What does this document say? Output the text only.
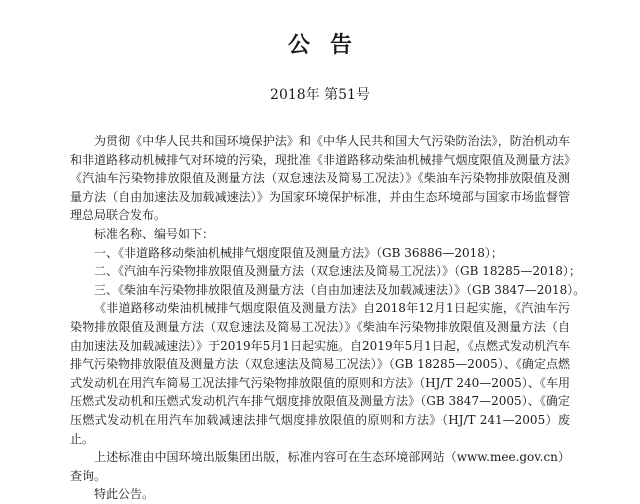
公告
2018年 第51号

为贯彻《中华人民共和国环境保护法》和《中华人民共和国大气污染防治法》，防治机动车和非道路移动机械排气对环境的污染，现批准《非道路移动柴油机械排气烟度限值及测量方法》《汽油车污染物排放限值及测量方法（双怠速法及简易工况法）》《柴油车污染物排放限值及测量方法（自由加速法及加载减速法）》为国家环境保护标准，并由生态环境部与国家市场监督管理总局联合发布。

标准名称、编号如下：

一、《非道路移动柴油机械排气烟度限值及测量方法》（GB 36886—2018）；

二、《汽油车污染物排放限值及测量方法（双怠速法及简易工况法）》（GB 18285—2018）；

三、《柴油车污染物排放限值及测量方法（自由加速法及加载减速法）》（GB 3847—2018）。

《非道路移动柴油机械排气烟度限值及测量方法》自2018年12月1日起实施，《汽油车污染物排放限值及测量方法（双怠速法及简易工况法）》《柴油车污染物排放限值及测量方法（自由加速法及加载减速法）》于2019年5月1日起实施。自2019年5月1日起，《点燃式发动机汽车排气污染物排放限值及测量方法（双怠速法及简易工况法）》（GB 18285—2005）、《确定点燃式发动机在用汽车简易工况法排气污染物排放限值的原则和方法》（HJ/T 240—2005）、《车用压燃式发动机和压燃式发动机汽车排气烟度排放限值及测量方法》（GB 3847—2005）、《确定压燃式发动机在用汽车加载减速法排气烟度排放限值的原则和方法》（HJ/T 241—2005）废止。

上述标准由中国环境出版集团出版，标准内容可在生态环境部网站（www.mee.gov.cn）查询。

特此公告。
